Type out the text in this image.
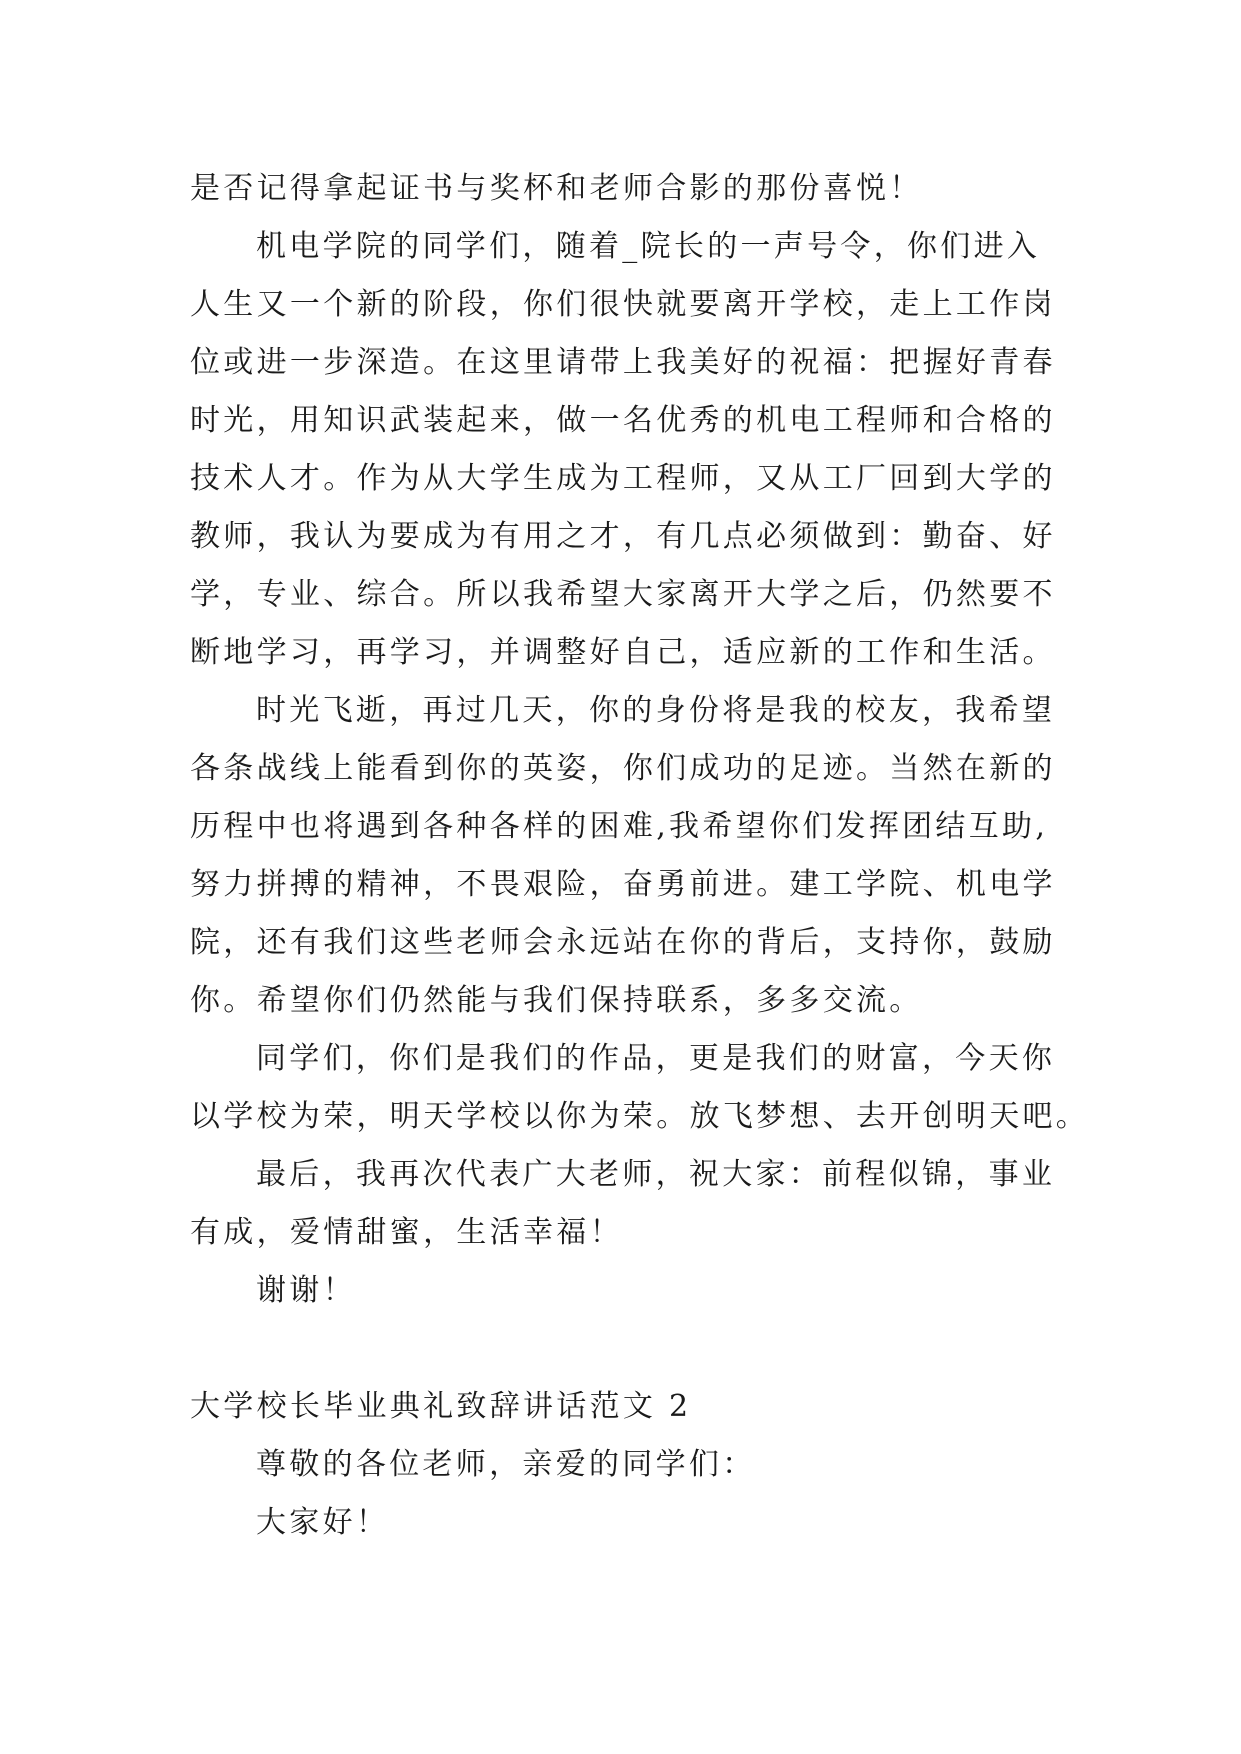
是否记得拿起证书与奖杯和老师合影的那份喜悦！
机电学院的同学们，随着_院长的一声号令，你们进入
人生又一个新的阶段，你们很快就要离开学校，走上工作岗
位或进一步深造。在这里请带上我美好的祝福：把握好青春
时光，用知识武装起来，做一名优秀的机电工程师和合格的
技术人才。作为从大学生成为工程师，又从工厂回到大学的
教师，我认为要成为有用之才，有几点必须做到：勤奋、好
学，专业、综合。所以我希望大家离开大学之后，仍然要不
断地学习，再学习，并调整好自己，适应新的工作和生活。
时光飞逝，再过几天，你的身份将是我的校友，我希望
各条战线上能看到你的英姿，你们成功的足迹。当然在新的
历程中也将遇到各种各样的困难,我希望你们发挥团结互助,
努力拼搏的精神，不畏艰险，奋勇前进。建工学院、机电学
院，还有我们这些老师会永远站在你的背后，支持你，鼓励
你。希望你们仍然能与我们保持联系，多多交流。
同学们，你们是我们的作品，更是我们的财富，今天你
以学校为荣，明天学校以你为荣。放飞梦想、去开创明天吧。
最后，我再次代表广大老师，祝大家：前程似锦，事业
有成，爱情甜蜜，生活幸福！
谢谢！
大学校长毕业典礼致辞讲话范文 2
尊敬的各位老师，亲爱的同学们：
大家好！
